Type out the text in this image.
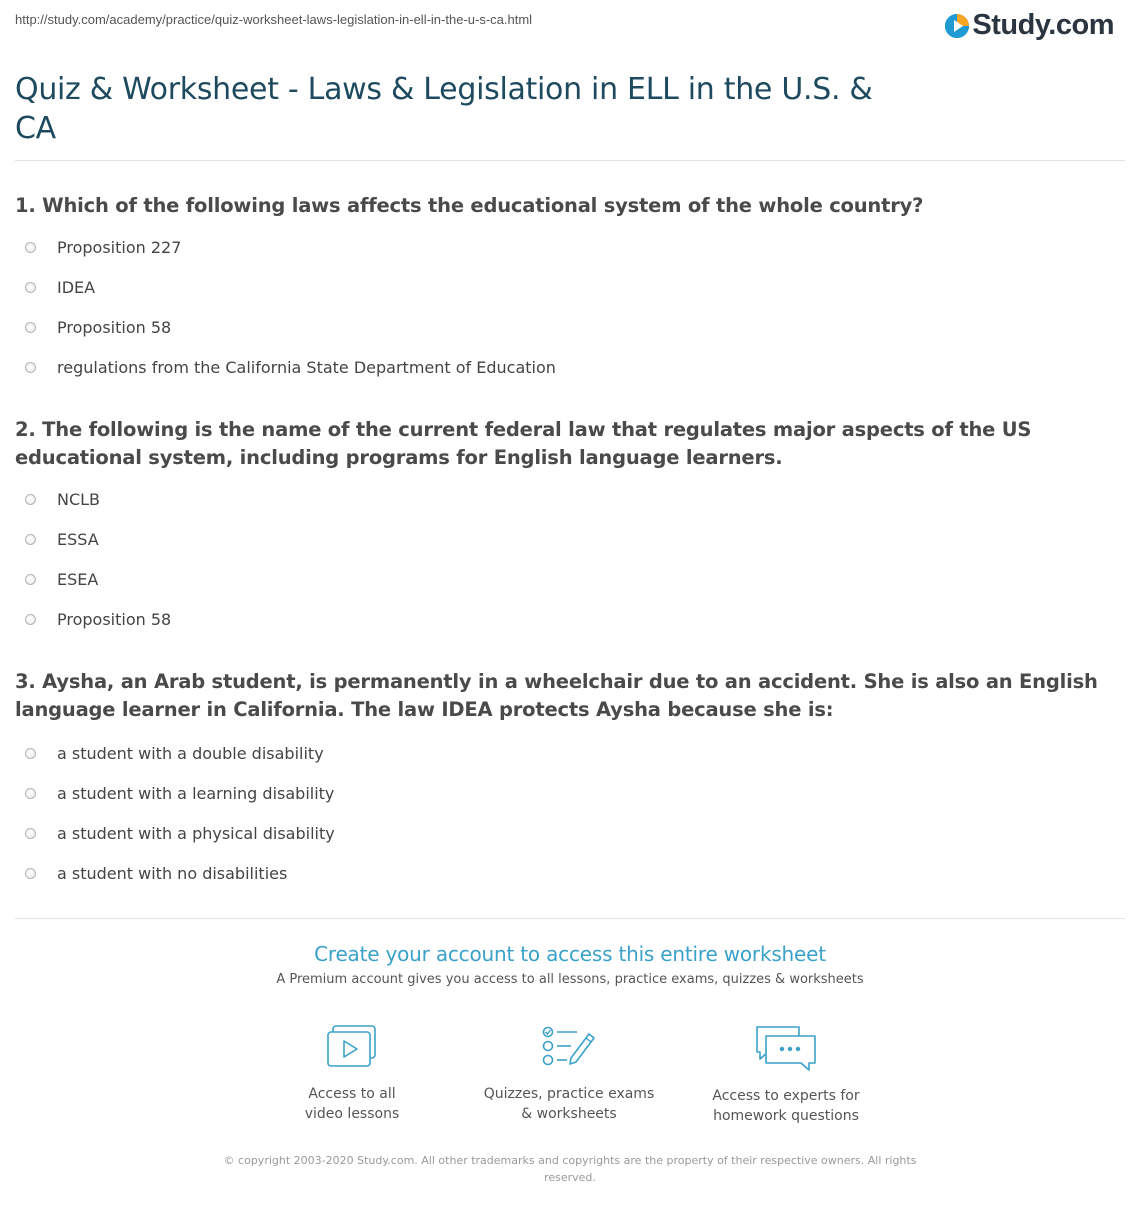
http://study.com/academy/practice/quiz-worksheet-laws-legislation-in-ell-in-the-u-s-ca.html	Study.com
Quiz & Worksheet - Laws & Legislation in ELL in the U.S. & CA
1. Which of the following laws affects the educational system of the whole country?
Proposition 227
IDEA
Proposition 58
regulations from the California State Department of Education
2. The following is the name of the current federal law that regulates major aspects of the US educational system, including programs for English language learners.
NCLB
ESSA
ESEA
Proposition 58
3. Aysha, an Arab student, is permanently in a wheelchair due to an accident. She is also an English language learner in California. The law IDEA protects Aysha because she is:
a student with a double disability
a student with a learning disability
a student with a physical disability
a student with no disabilities
Create your account to access this entire worksheet
A Premium account gives you access to all lessons, practice exams, quizzes & worksheets
Access to all
video lessons
Quizzes, practice exams
& worksheets
Access to experts for
homework questions
© copyright 2003-2020 Study.com. All other trademarks and copyrights are the property of their respective owners. All rights reserved.
